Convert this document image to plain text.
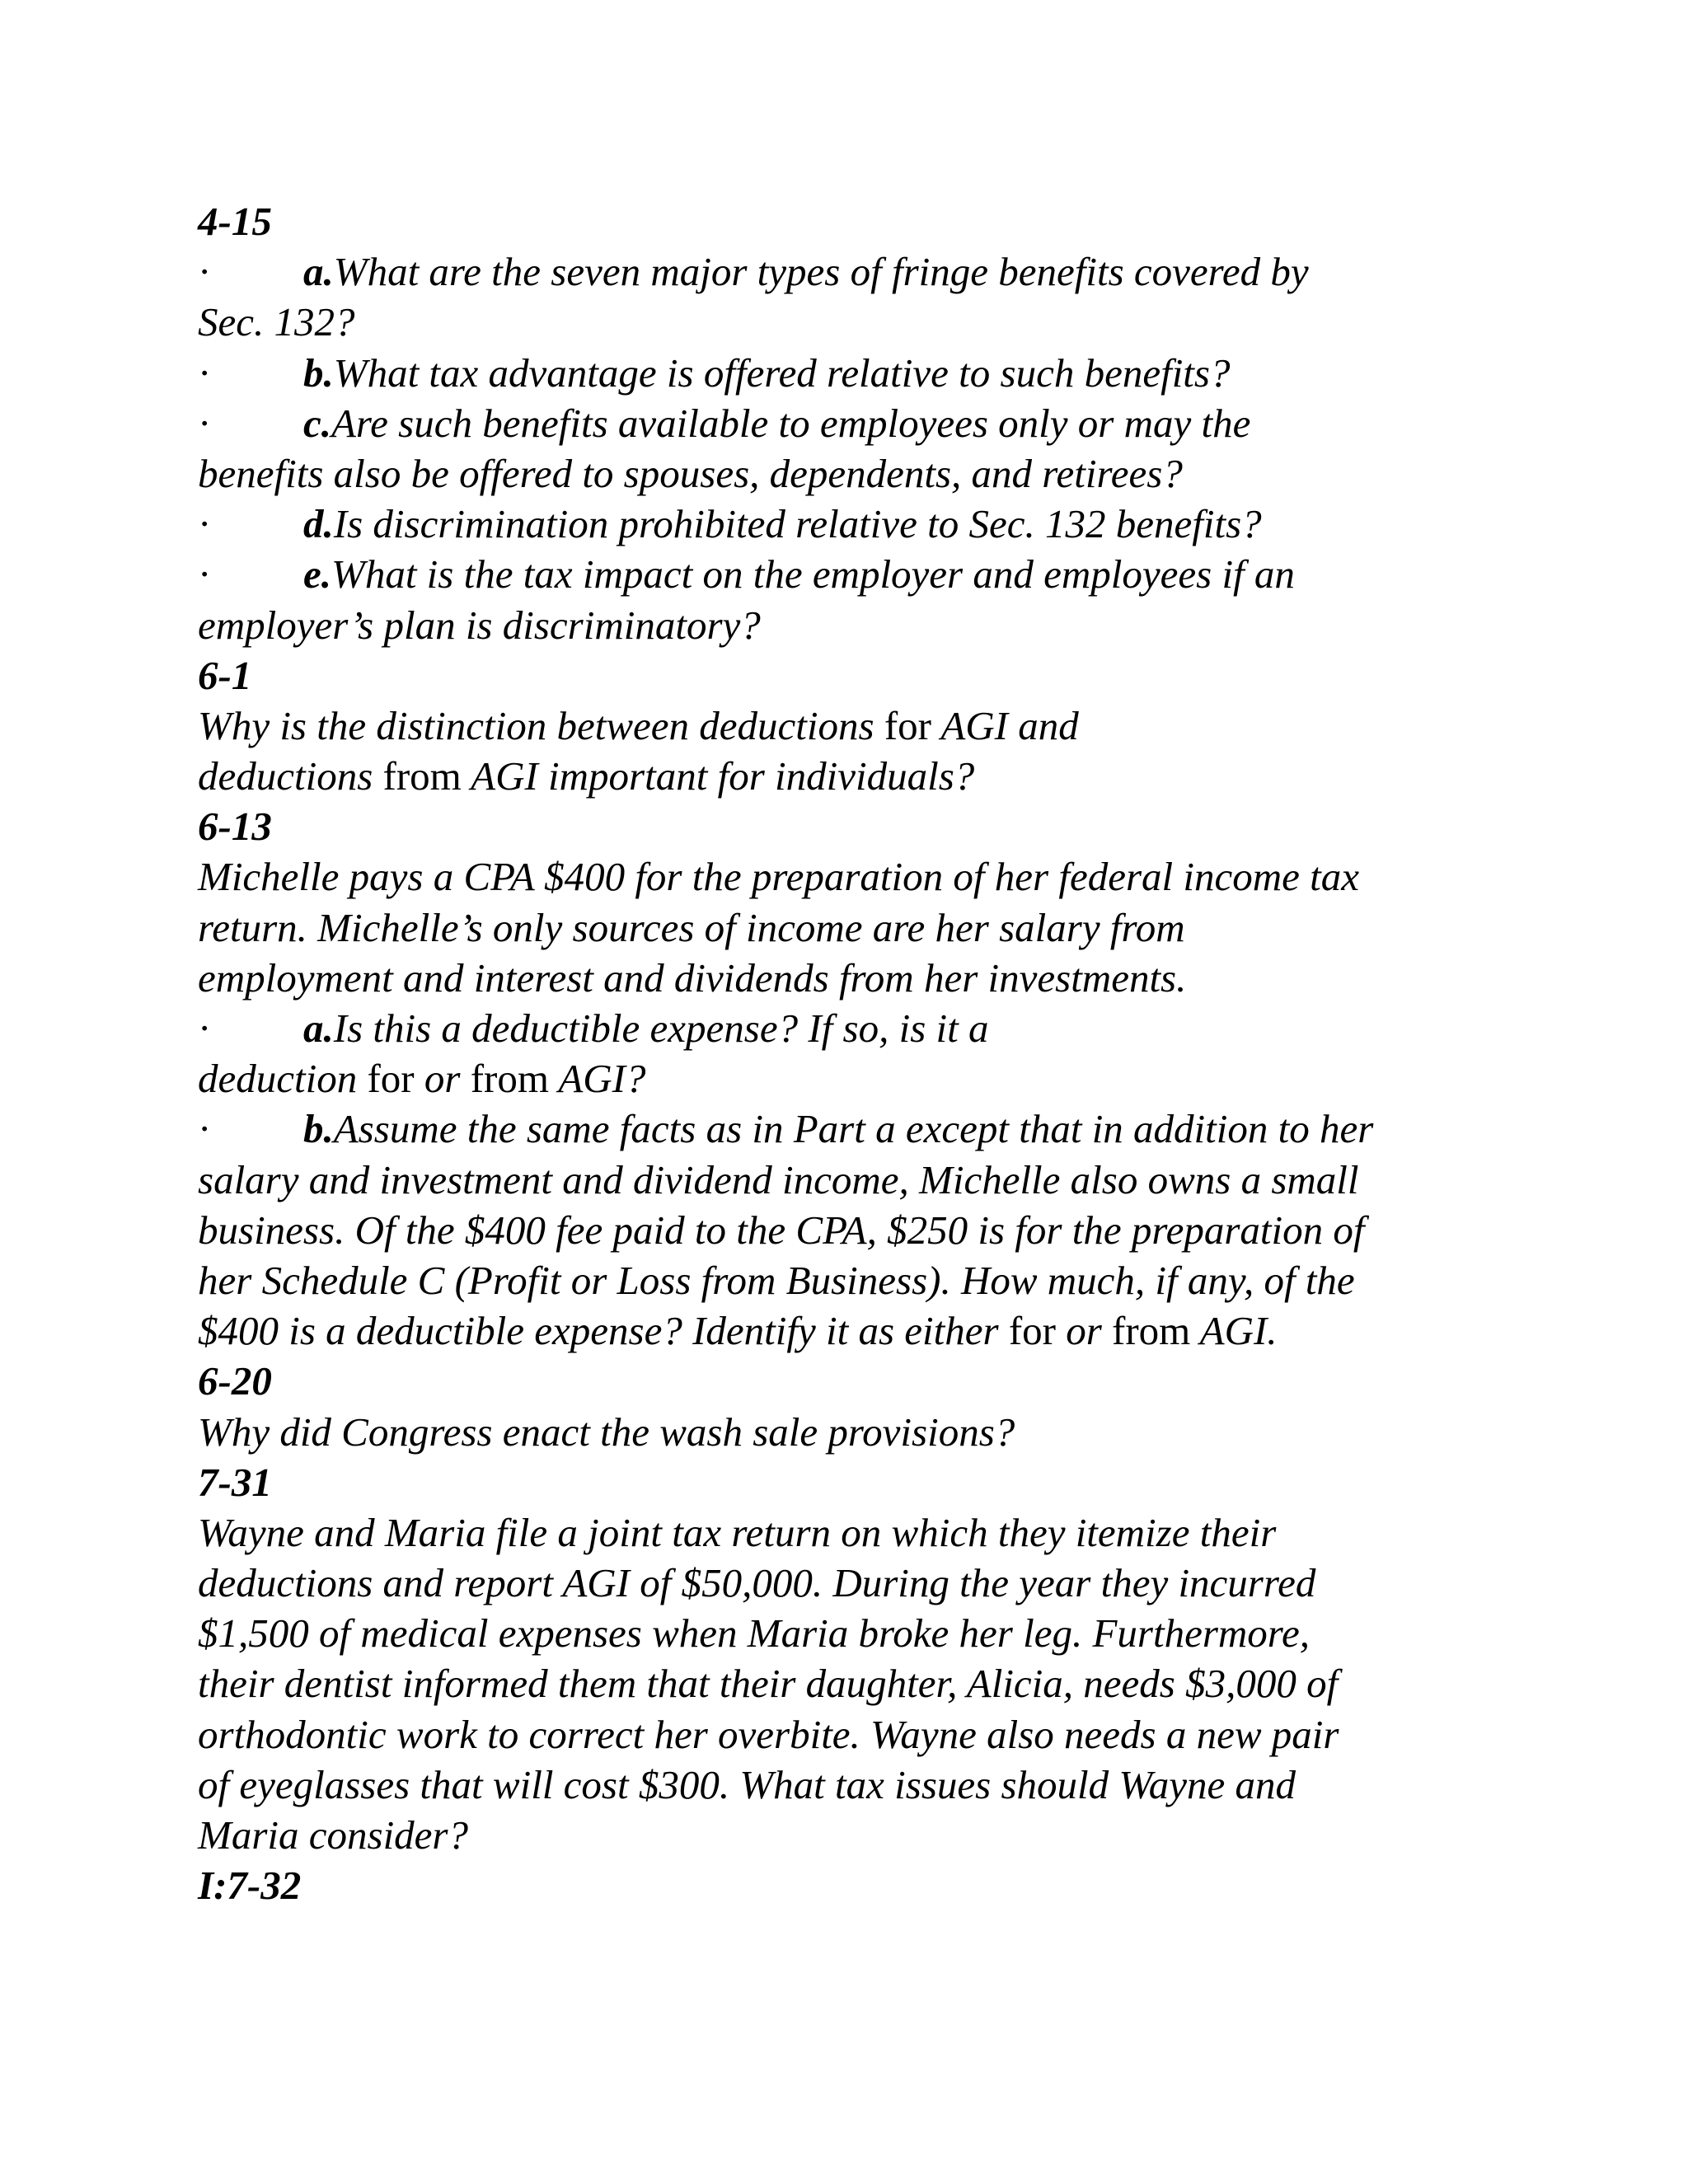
4-15
· a.What are the seven major types of fringe benefits covered by
Sec. 132?
· b.What tax advantage is offered relative to such benefits?
· c.Are such benefits available to employees only or may the
benefits also be offered to spouses, dependents, and retirees?
· d.Is discrimination prohibited relative to Sec. 132 benefits?
· e.What is the tax impact on the employer and employees if an
employer’s plan is discriminatory?
6-1
Why is the distinction between deductions for AGI and
deductions from AGI important for individuals?
6-13
Michelle pays a CPA $400 for the preparation of her federal income tax
return. Michelle’s only sources of income are her salary from
employment and interest and dividends from her investments.
· a.Is this a deductible expense? If so, is it a
deduction for or from AGI?
· b.Assume the same facts as in Part a except that in addition to her
salary and investment and dividend income, Michelle also owns a small
business. Of the $400 fee paid to the CPA, $250 is for the preparation of
her Schedule C (Profit or Loss from Business). How much, if any, of the
$400 is a deductible expense? Identify it as either for or from AGI.
6-20
Why did Congress enact the wash sale provisions?
7-31
Wayne and Maria file a joint tax return on which they itemize their
deductions and report AGI of $50,000. During the year they incurred
$1,500 of medical expenses when Maria broke her leg. Furthermore,
their dentist informed them that their daughter, Alicia, needs $3,000 of
orthodontic work to correct her overbite. Wayne also needs a new pair
of eyeglasses that will cost $300. What tax issues should Wayne and
Maria consider?
I:7-32
